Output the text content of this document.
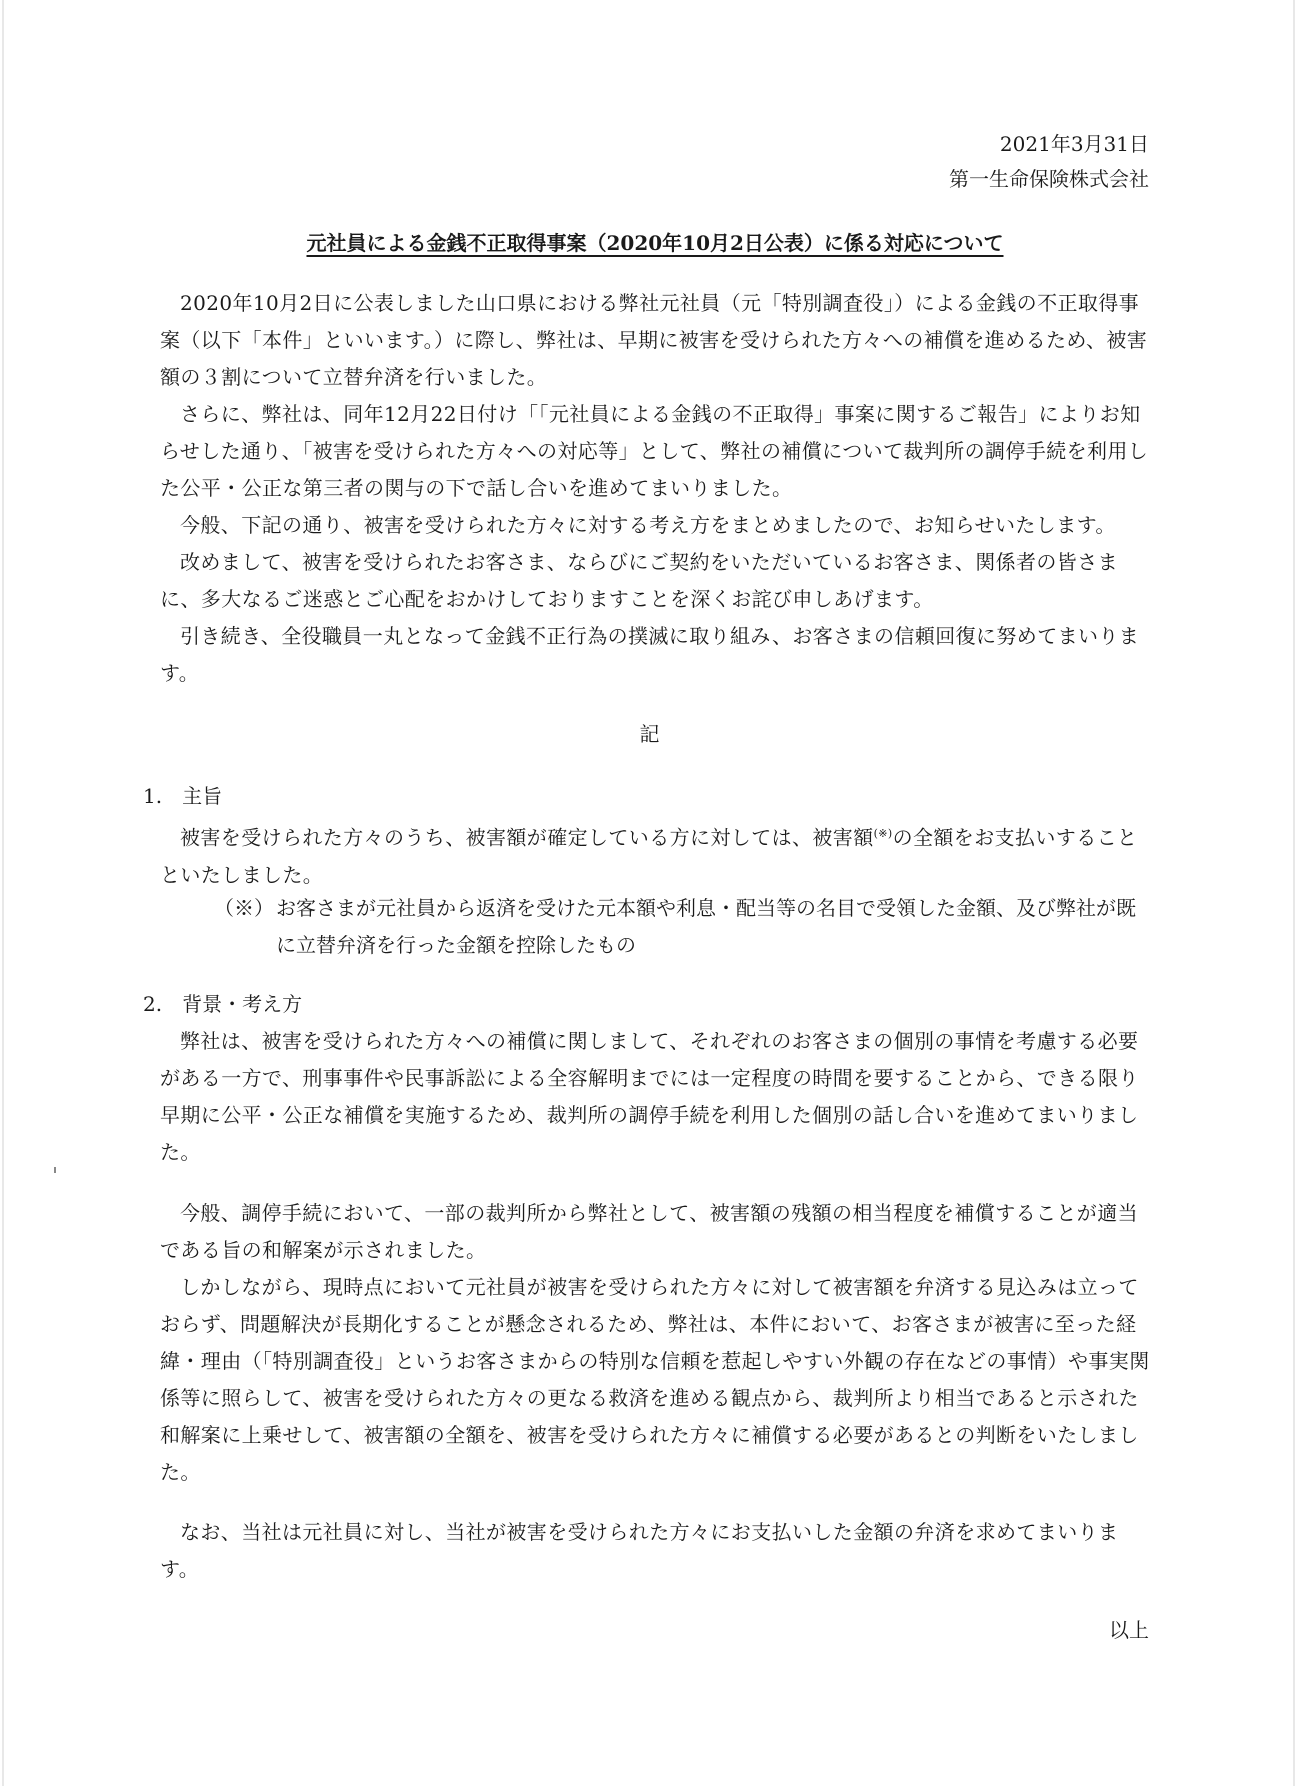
2021年3月31日
第一生命保険株式会社
元社員による金銭不正取得事案（2020年10月2日公表）に係る対応について

2020年10月2日に公表しました山口県における弊社元社員（元「特別調査役」）による金銭の不正取得事案（以下「本件」といいます。）に際し、弊社は、早期に被害を受けられた方々への補償を進めるため、被害額の３割について立替弁済を行いました。

さらに、弊社は、同年12月22日付け「「元社員による金銭の不正取得」事案に関するご報告」によりお知らせした通り、「被害を受けられた方々への対応等」として、弊社の補償について裁判所の調停手続を利用した公平・公正な第三者の関与の下で話し合いを進めてまいりました。

今般、下記の通り、被害を受けられた方々に対する考え方をまとめましたので、お知らせいたします。

改めまして、被害を受けられたお客さま、ならびにご契約をいただいているお客さま、関係者の皆さまに、多大なるご迷惑とご心配をおかけしておりますことを深くお詫び申しあげます。

引き続き、全役職員一丸となって金銭不正行為の撲滅に取り組み、お客さまの信頼回復に努めてまいります。

記
1.　主旨

被害を受けられた方々のうち、被害額が確定している方に対しては、被害額(※)の全額をお支払いすることといたしました。

（※） お客さまが元社員から返済を受けた元本額や利息・配当等の名目で受領した金額、及び弊社が既に立替弁済を行った金額を控除したもの

2.　背景・考え方

弊社は、被害を受けられた方々への補償に関しまして、それぞれのお客さまの個別の事情を考慮する必要がある一方で、刑事事件や民事訴訟による全容解明までには一定程度の時間を要することから、できる限り早期に公平・公正な補償を実施するため、裁判所の調停手続を利用した個別の話し合いを進めてまいりました。

今般、調停手続において、一部の裁判所から弊社として、被害額の残額の相当程度を補償することが適当である旨の和解案が示されました。

しかしながら、現時点において元社員が被害を受けられた方々に対して被害額を弁済する見込みは立っておらず、問題解決が長期化することが懸念されるため、弊社は、本件において、お客さまが被害に至った経緯・理由（「特別調査役」というお客さまからの特別な信頼を惹起しやすい外観の存在などの事情）や事実関係等に照らして、被害を受けられた方々の更なる救済を進める観点から、裁判所より相当であると示された和解案に上乗せして、被害額の全額を、被害を受けられた方々に補償する必要があるとの判断をいたしました。

なお、当社は元社員に対し、当社が被害を受けられた方々にお支払いした金額の弁済を求めてまいります。

以上
